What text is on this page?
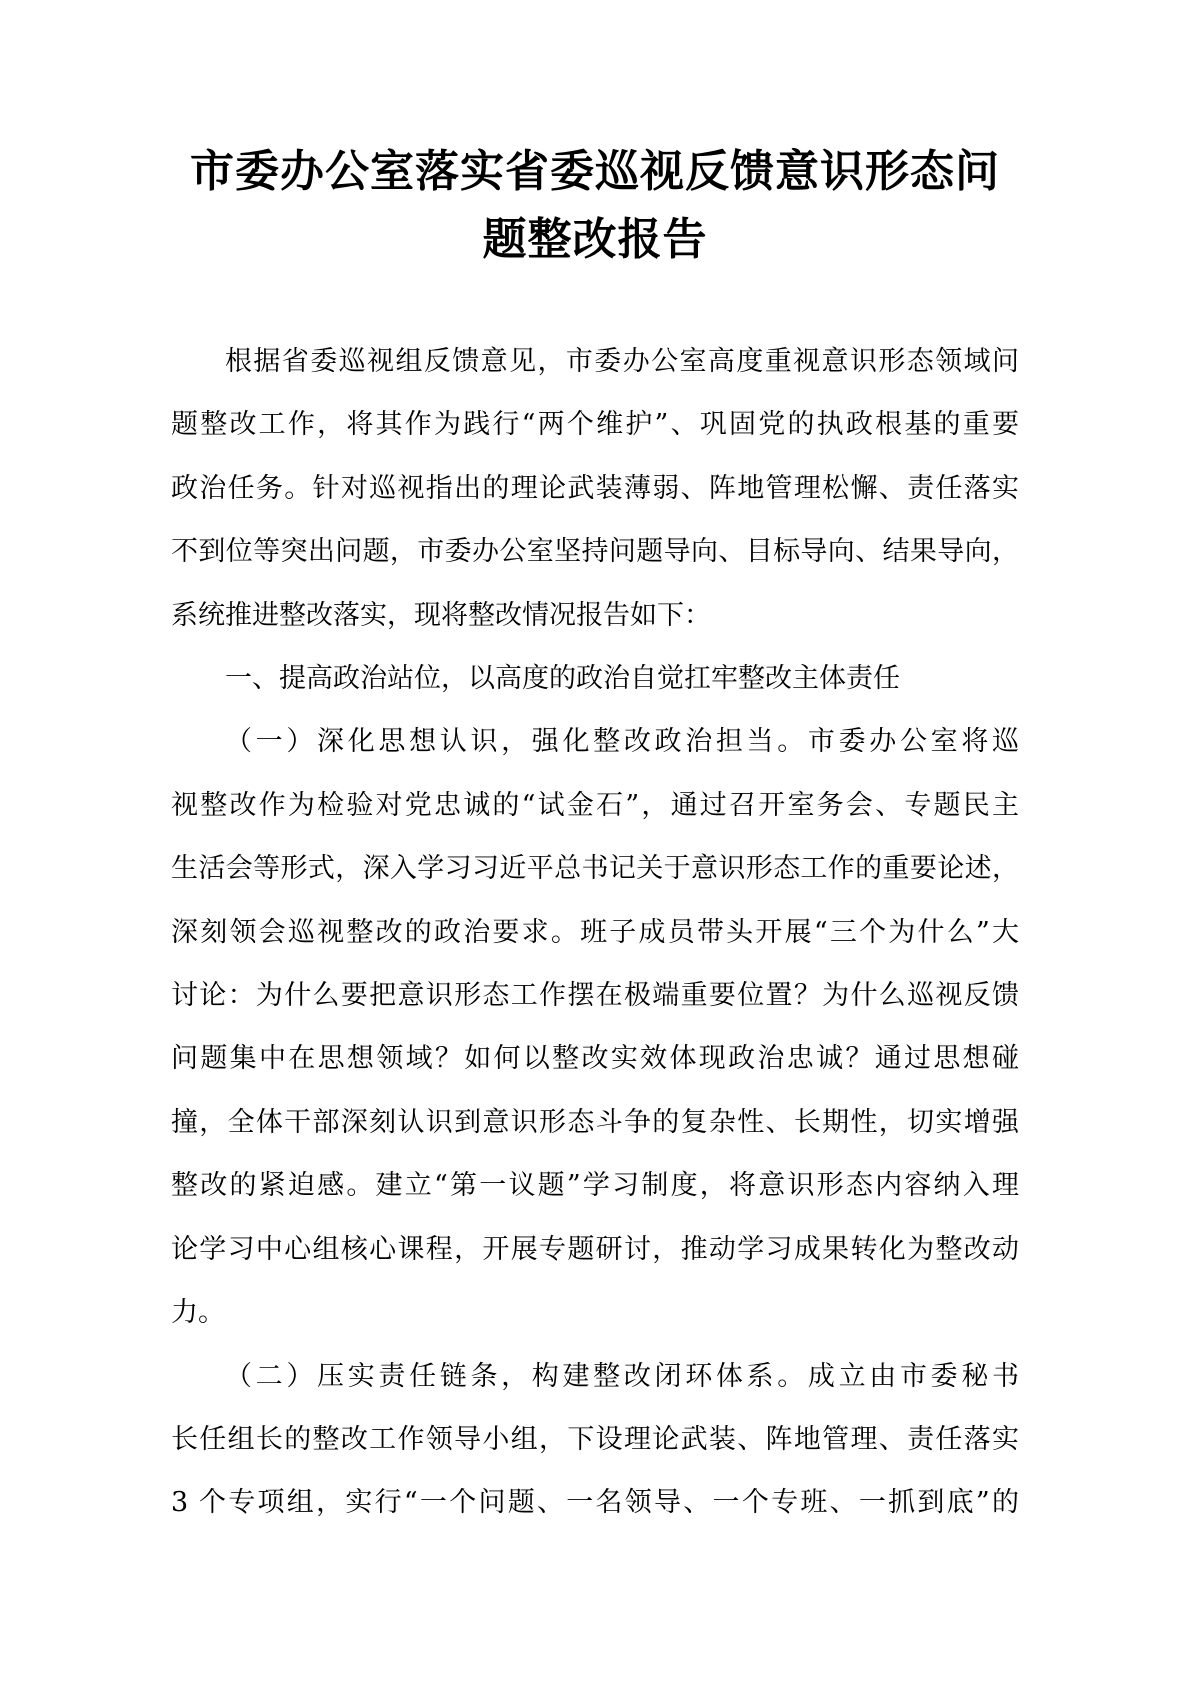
市委办公室落实省委巡视反馈意识形态问
题整改报告
根据省委巡视组反馈意见，市委办公室高度重视意识形态领域问
题整改工作，将其作为践行“两个维护”、巩固党的执政根基的重要
政治任务。针对巡视指出的理论武装薄弱、阵地管理松懈、责任落实
不到位等突出问题，市委办公室坚持问题导向、目标导向、结果导向，
系统推进整改落实，现将整改情况报告如下：
一、提高政治站位，以高度的政治自觉扛牢整改主体责任
（一）深化思想认识，强化整改政治担当。市委办公室将巡
视整改作为检验对党忠诚的“试金石”，通过召开室务会、专题民主
生活会等形式，深入学习习近平总书记关于意识形态工作的重要论述，
深刻领会巡视整改的政治要求。班子成员带头开展“三个为什么”大
讨论：为什么要把意识形态工作摆在极端重要位置？为什么巡视反馈
问题集中在思想领域？如何以整改实效体现政治忠诚？通过思想碰
撞，全体干部深刻认识到意识形态斗争的复杂性、长期性，切实增强
整改的紧迫感。建立“第一议题”学习制度，将意识形态内容纳入理
论学习中心组核心课程，开展专题研讨，推动学习成果转化为整改动
力。
（二）压实责任链条，构建整改闭环体系。成立由市委秘书
长任组长的整改工作领导小组，下设理论武装、阵地管理、责任落实
3 个专项组，实行“一个问题、一名领导、一个专班、一抓到底”的
